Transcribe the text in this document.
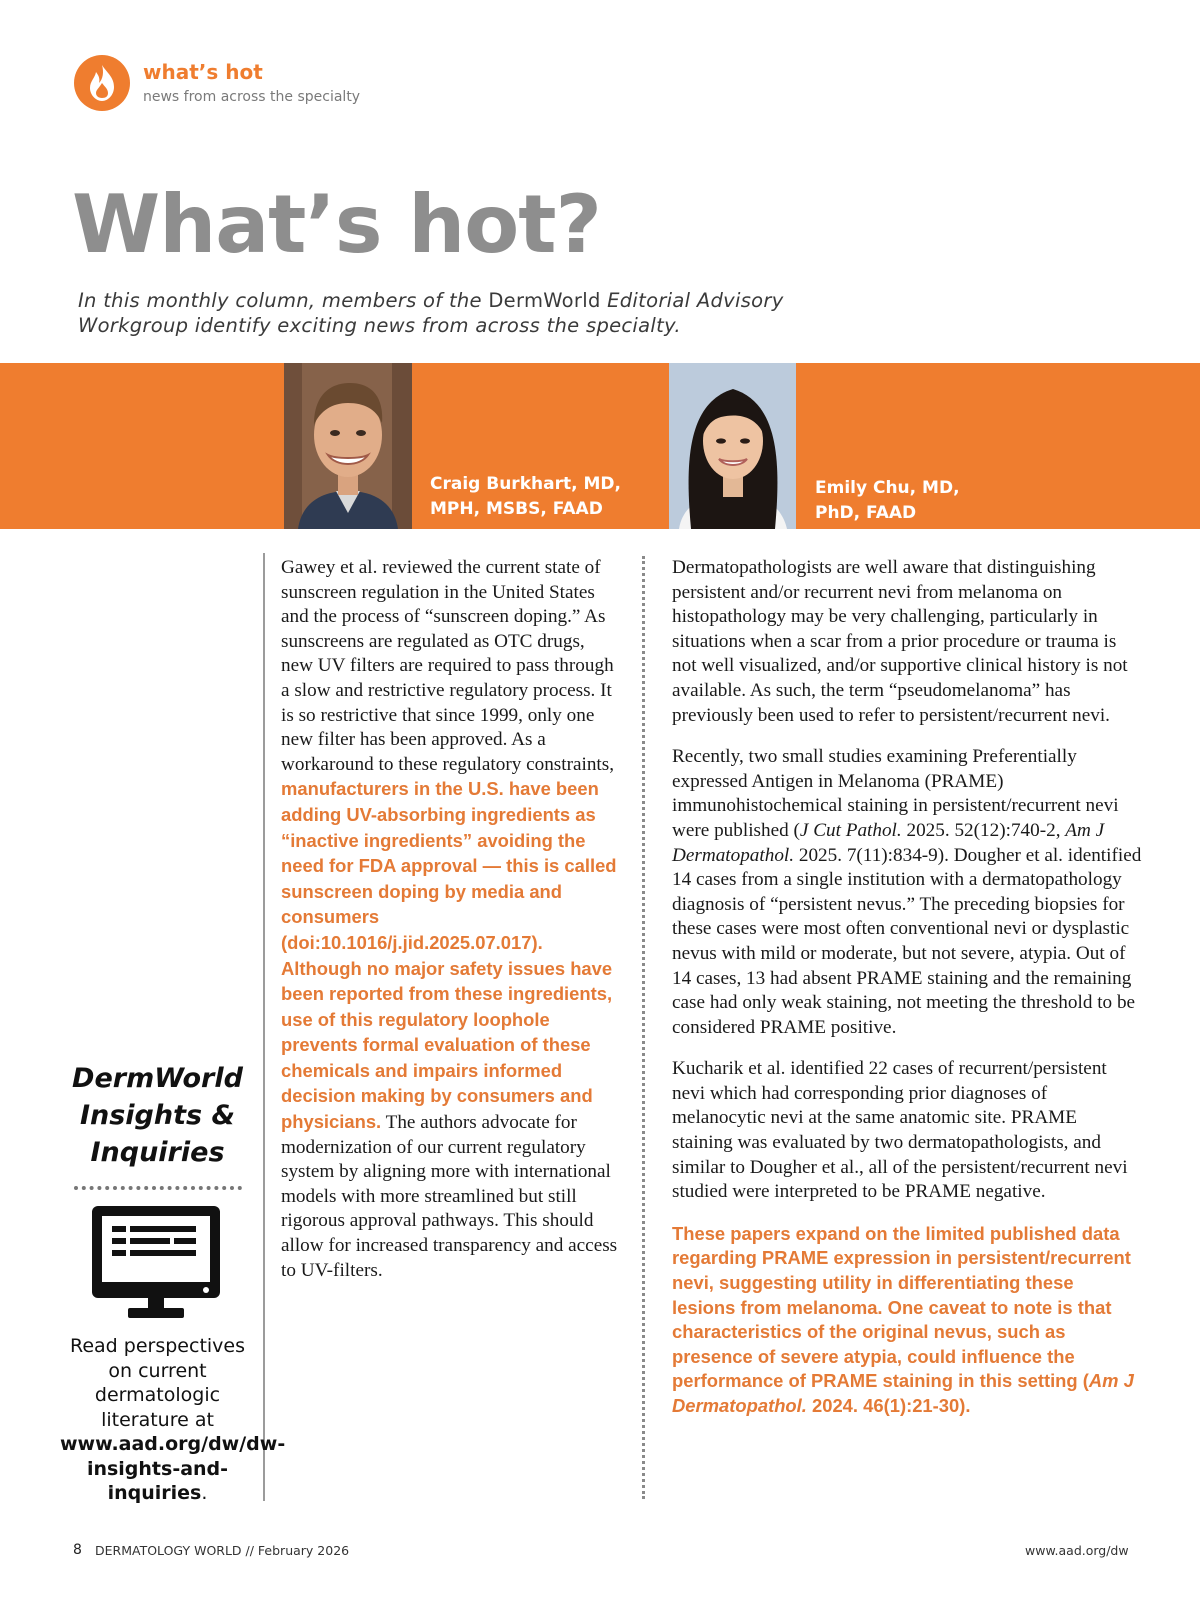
what’s hot
news from across the specialty
What’s hot?
In this monthly column, members of the DermWorld Editorial Advisory Workgroup identify exciting news from across the specialty.
Craig Burkhart, MD,
MPH, MSBS, FAAD
Emily Chu, MD,
PhD, FAAD

Gawey et al. reviewed the current state of sunscreen regulation in the United States and the process of “sunscreen doping.” As sunscreens are regulated as OTC drugs, new UV filters are required to pass through a slow and restrictive regulatory process. It is so restrictive that since 1999, only one new filter has been approved. As a workaround to these regulatory constraints, manufacturers in the U.S. have been adding UV-absorbing ingredients as “inactive ingredients” avoiding the need for FDA approval — this is called sunscreen doping by media and consumers (doi:10.1016/j.jid.2025.07.017). Although no major safety issues have been reported from these ingredients, use of this regulatory loophole prevents formal evaluation of these chemicals and impairs informed decision making by consumers and physicians. The authors advocate for modernization of our current regulatory system by aligning more with international models with more streamlined but still rigorous approval pathways. This should allow for increased transparency and access to UV-filters.

Dermatopathologists are well aware that distinguishing persistent and/or recurrent nevi from melanoma on histopathology may be very challenging, particularly in situations when a scar from a prior procedure or trauma is not well visualized, and/or supportive clinical history is not available. As such, the term “pseudomelanoma” has previously been used to refer to persistent/recurrent nevi.

Recently, two small studies examining Preferentially expressed Antigen in Melanoma (PRAME) immunohistochemical staining in persistent/recurrent nevi were published (J Cut Pathol. 2025. 52(12):740-2, Am J Dermatopathol. 2025. 7(11):834-9). Dougher et al. identified 14 cases from a single institution with a dermatopathology diagnosis of “persistent nevus.” The preceding biopsies for these cases were most often conventional nevi or dysplastic nevus with mild or moderate, but not severe, atypia. Out of 14 cases, 13 had absent PRAME staining and the remaining case had only weak staining, not meeting the threshold to be considered PRAME positive.

Kucharik et al. identified 22 cases of recurrent/persistent nevi which had corresponding prior diagnoses of melanocytic nevi at the same anatomic site. PRAME staining was evaluated by two dermatopathologists, and similar to Dougher et al., all of the persistent/recurrent nevi studied were interpreted to be PRAME negative.

These papers expand on the limited published data regarding PRAME expression in persistent/recurrent nevi, suggesting utility in differentiating these lesions from melanoma. One caveat to note is that characteristics of the original nevus, such as presence of severe atypia, could influence the performance of PRAME staining in this setting (Am J Dermatopathol. 2024. 46(1):21-30).

DermWorld
Insights &
Inquiries
Read perspectives on current dermatologic literature at www.aad.org/dw/dw-insights-and-inquiries.
8 DERMATOLOGY WORLD // February 2026	www.aad.org/dw
